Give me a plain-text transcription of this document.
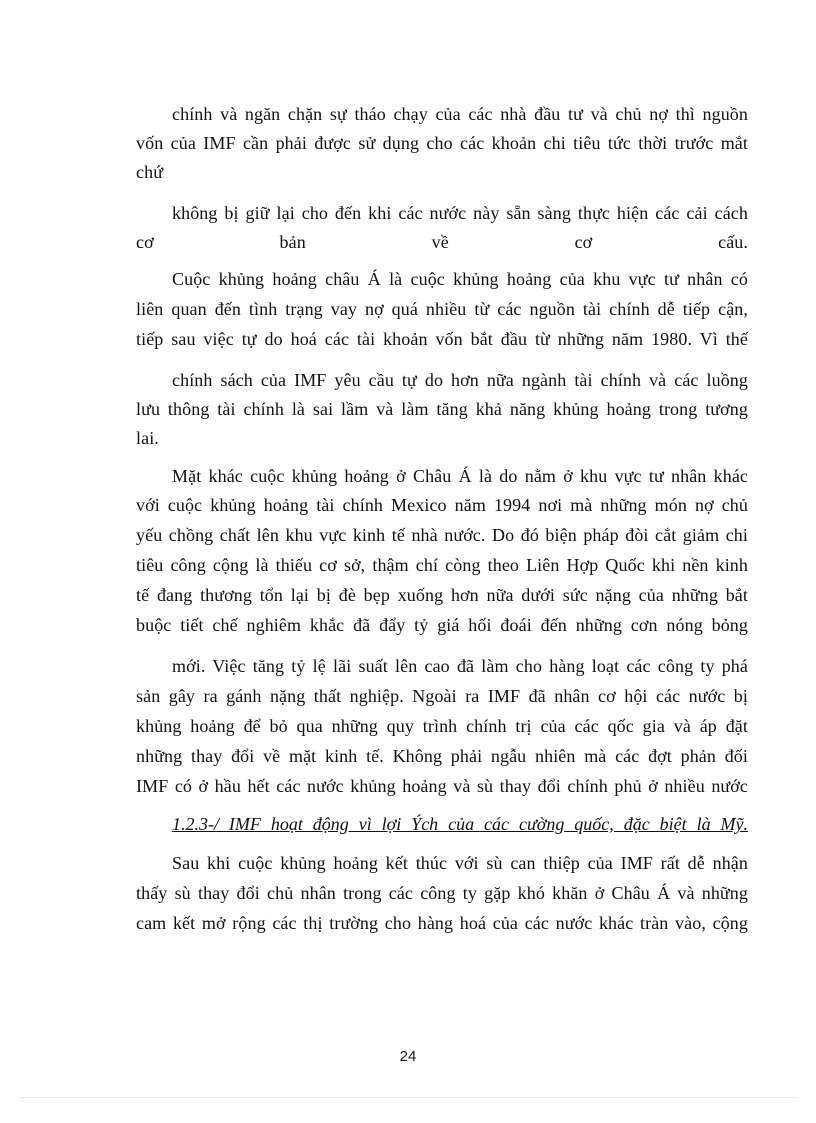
chính và ngăn chặn sự tháo chạy của các nhà đầu tư và chủ nợ thì nguồn
vốn của IMF cần phải được sử dụng cho các khoản chi tiêu tức thời trước mắt
chứ
không bị giữ lại cho đến khi các nước này sẵn sàng thực hiện các cải cách
cơ bản về cơ cấu.
Cuộc khủng hoảng châu Á là cuộc khủng hoảng của khu vực tư nhân có
liên quan đến tình trạng vay nợ quá nhiều từ các nguồn tài chính dễ tiếp cận,
tiếp sau việc tự do hoá các tài khoản vốn bắt đầu từ những năm 1980. Vì thế
chính sách của IMF yêu cầu tự do hơn nữa ngành tài chính và các luồng
lưu thông tài chính là sai lầm và làm tăng khả năng khủng hoảng trong tương
lai.
Mặt khác cuộc khủng hoảng ở Châu Á là do nằm ở khu vực tư nhân khác
với cuộc khủng hoảng tài chính Mexico năm 1994 nơi mà những món nợ chủ
yếu chồng chất lên khu vực kinh tế nhà nước. Do đó biện pháp đòi cắt giảm chi
tiêu công cộng là thiếu cơ sở, thậm chí còng theo Liên Hợp Quốc khi nền kinh
tế đang thương tổn lại bị đè bẹp xuống hơn nữa dưới sức nặng của những bắt
buộc tiết chế nghiêm khắc đã đẩy tỷ giá hối đoái đến những cơn nóng bỏng
mới. Việc tăng tỷ lệ lãi suất lên cao đã làm cho hàng loạt các công ty phá
sản gây ra gánh nặng thất nghiệp. Ngoài ra IMF đã nhân cơ hội các nước bị
khủng hoảng để bỏ qua những quy trình chính trị của các qốc gia và áp đặt
những thay đổi về mặt kinh tế. Không phải ngẫu nhiên mà các đợt phản đối
IMF có ở hầu hết các nước khủng hoảng và sù thay đổi chính phủ ở nhiều nước
1.2.3-/ IMF hoạt động vì lợi Ých của các cường quốc, đặc biệt là Mỹ.
Sau khi cuộc khủng hoảng kết thúc với sù can thiệp của IMF rất dễ nhận
thấy sù thay đổi chủ nhân trong các công ty gặp khó khăn ở Châu Á và những
cam kết mở rộng các thị trường cho hàng hoá của các nước khác tràn vào, cộng
24
